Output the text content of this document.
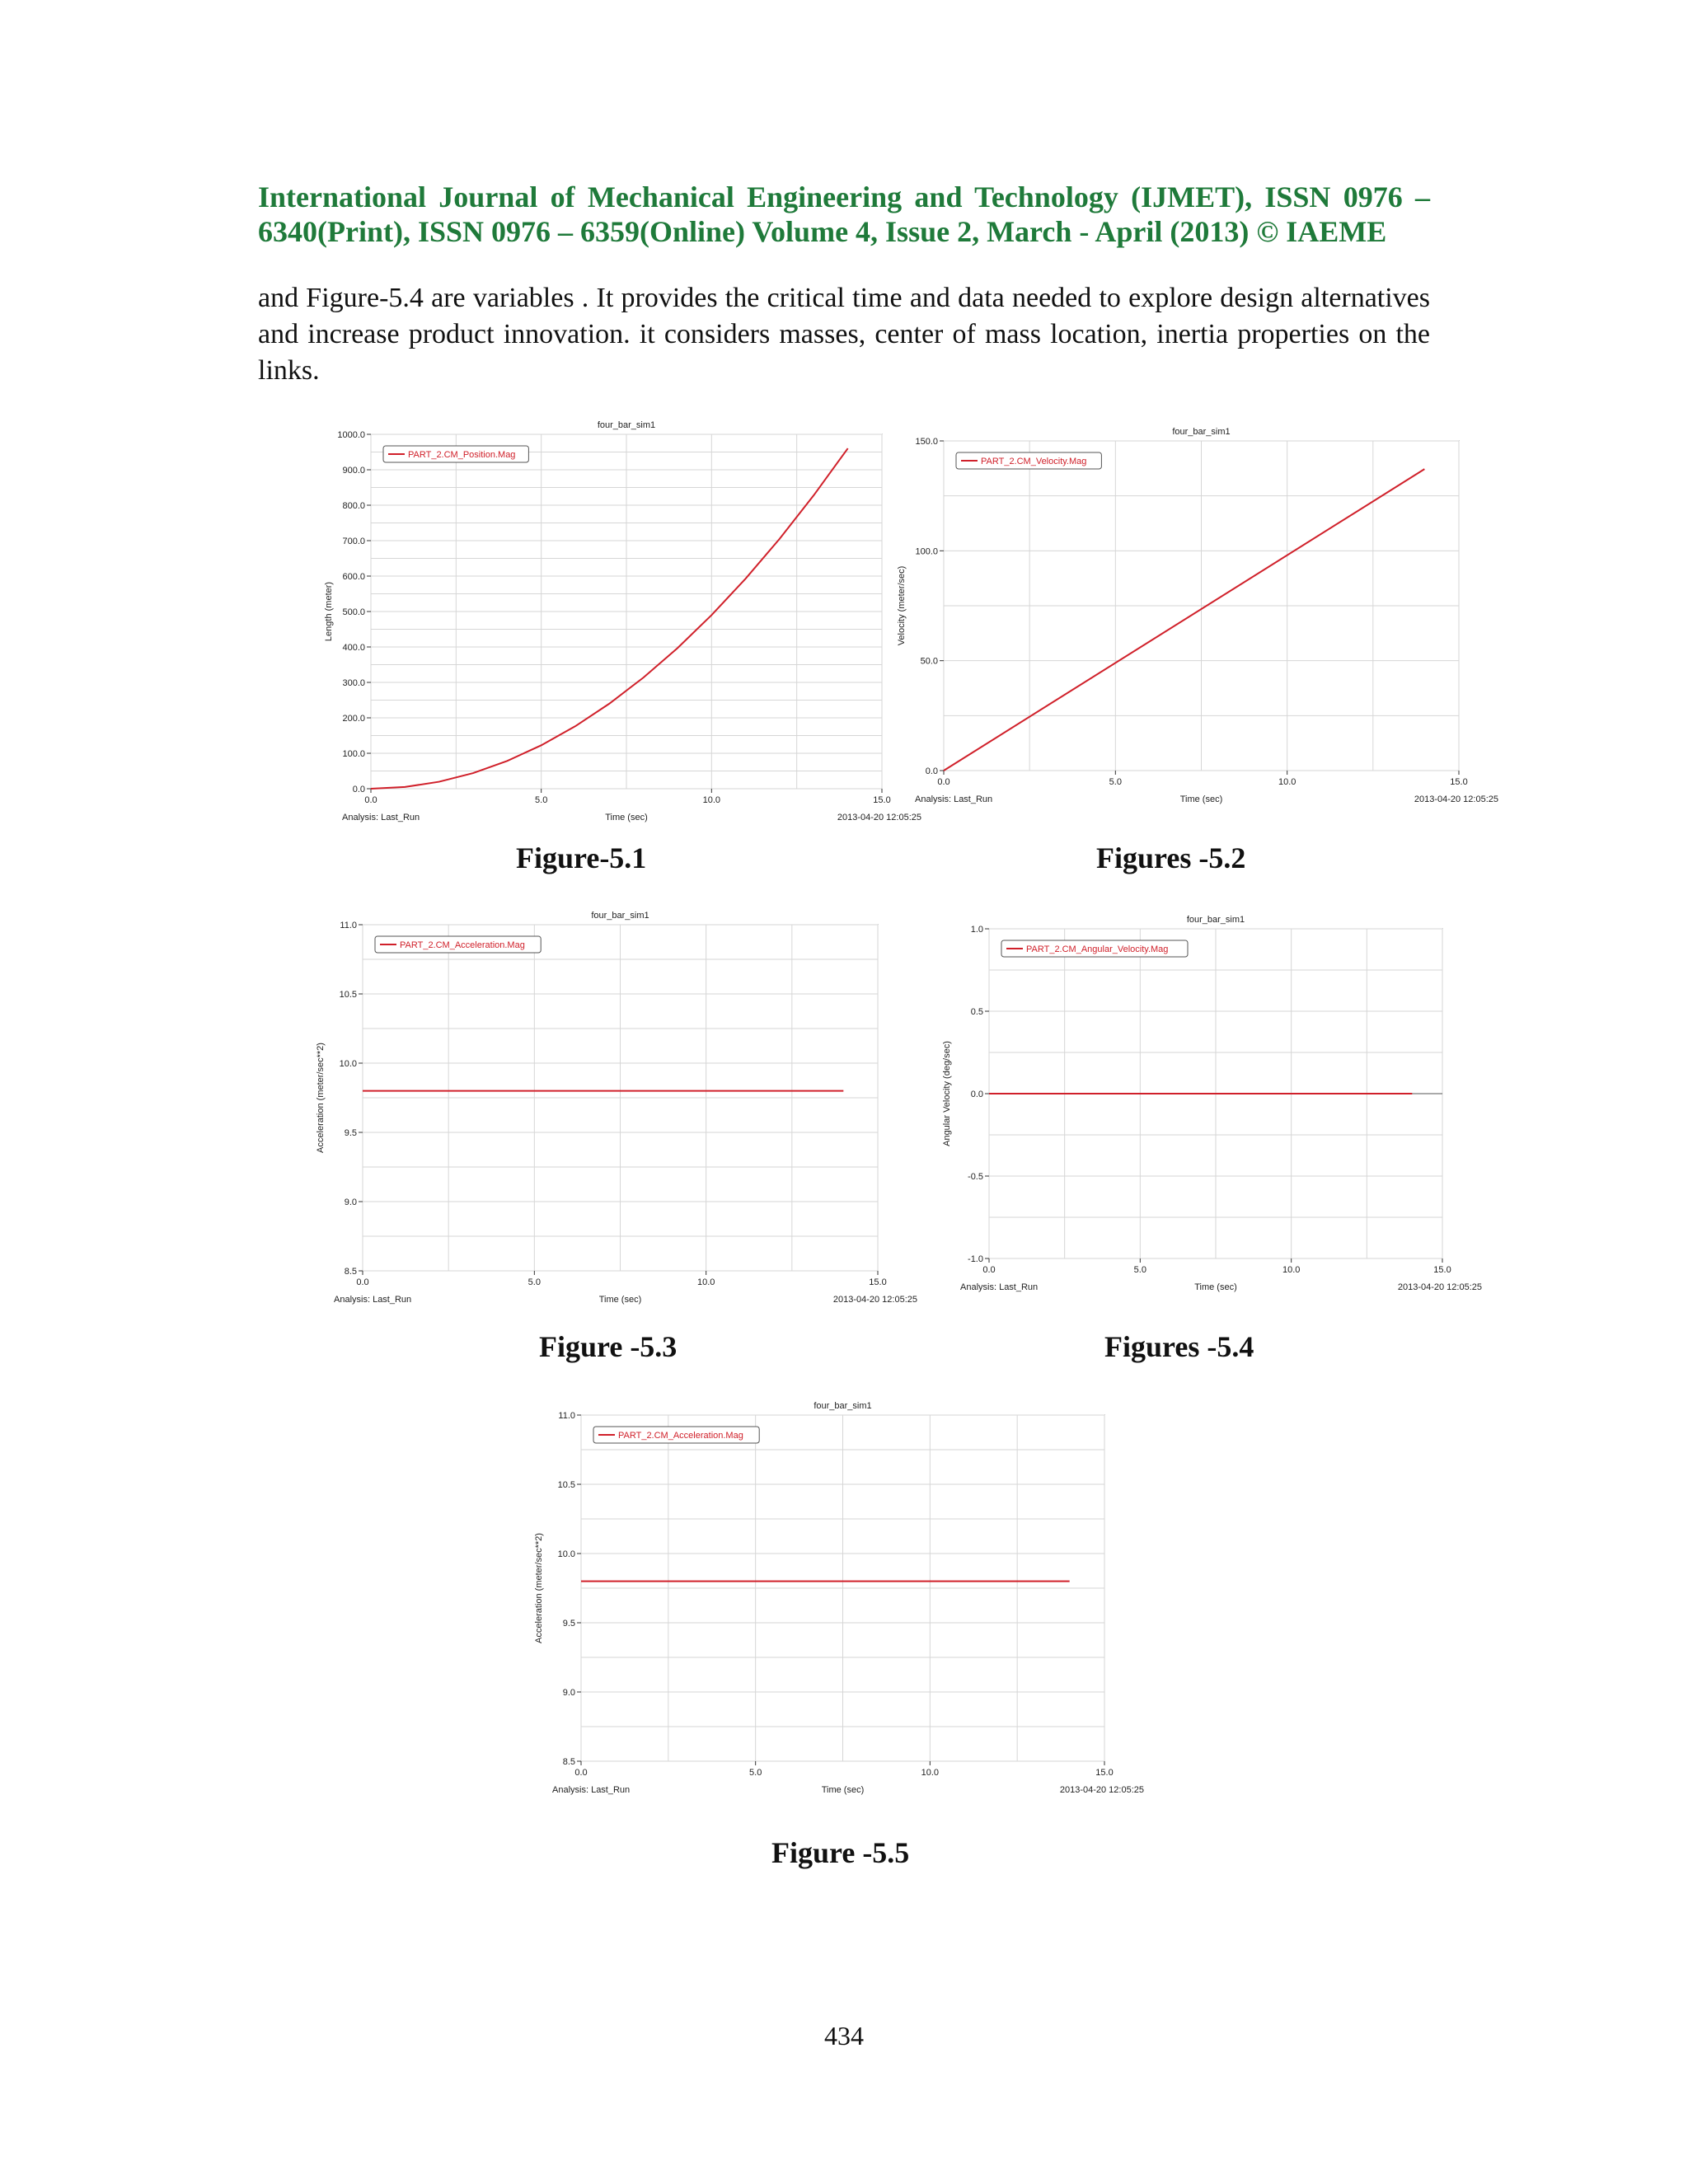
International Journal of Mechanical Engineering and Technology (IJMET), ISSN 0976 –
6340(Print), ISSN 0976 – 6359(Online) Volume 4, Issue 2, March - April (2013) © IAEME
and Figure-5.4 are variables . It provides the critical time and data needed to explore design alternatives and increase product innovation. it considers masses, center of mass location, inertia properties on the links.
four_bar_sim1
0.0	5.0	10.0	15.0
0.0
100.0
200.0
300.0
400.0
500.0
600.0
700.0
800.0
900.0
1000.0
Length (meter)
Time (sec)
Analysis: Last_Run	2013-04-20 12:05:25
PART_2.CM_Position.Mag
four_bar_sim1
0.0	5.0	10.0	15.0
0.0
50.0
100.0
150.0
Velocity (meter/sec)
Time (sec)
Analysis: Last_Run	2013-04-20 12:05:25
PART_2.CM_Velocity.Mag
four_bar_sim1
0.0	5.0	10.0	15.0
8.5
9.0
9.5
10.0
10.5
11.0
Acceleration (meter/sec**2)
Time (sec)
Analysis: Last_Run	2013-04-20 12:05:25
PART_2.CM_Acceleration.Mag
four_bar_sim1
0.0	5.0	10.0	15.0
-1.0
-0.5
0.0
0.5
1.0
Angular Velocity (deg/sec)
Time (sec)
Analysis: Last_Run	2013-04-20 12:05:25
PART_2.CM_Angular_Velocity.Mag
four_bar_sim1
0.0	5.0	10.0	15.0
8.5
9.0
9.5
10.0
10.5
11.0
Acceleration (meter/sec**2)
Time (sec)
Analysis: Last_Run	2013-04-20 12:05:25
PART_2.CM_Acceleration.Mag
Figure-5.1	Figures -5.2
Figure -5.3	Figures -5.4
Figure -5.5
434
